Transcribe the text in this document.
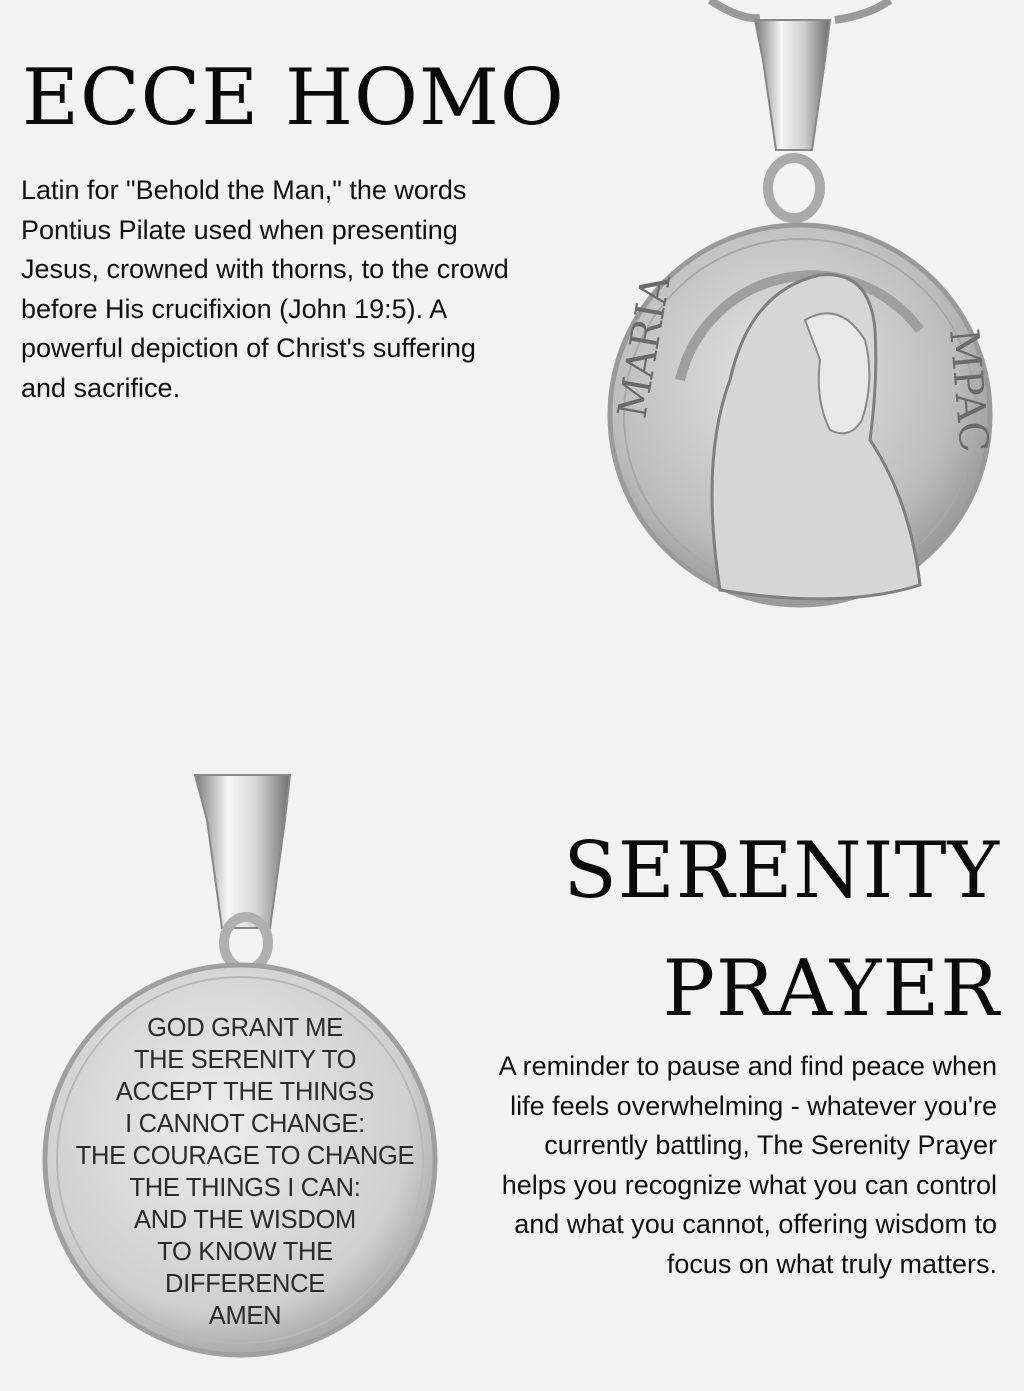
ECCE HOMO

Latin for "Behold the Man," the words Pontius Pilate used when presenting Jesus, crowned with thorns, to the crowd before His crucifixion (John 19:5). A powerful depiction of Christ's suffering and sacrifice.	MARIA	MPAC
GOD GRANT ME
THE SERENITY TO
ACCEPT THE THINGS
I CANNOT CHANGE:
THE COURAGE TO CHANGE
THE THINGS I CAN:
AND THE WISDOM
TO KNOW THE
DIFFERENCE
AMEN
SERENITY
PRAYER

A reminder to pause and find peace when life feels overwhelming - whatever you're currently battling, The Serenity Prayer helps you recognize what you can control and what you cannot, offering wisdom to focus on what truly matters.
